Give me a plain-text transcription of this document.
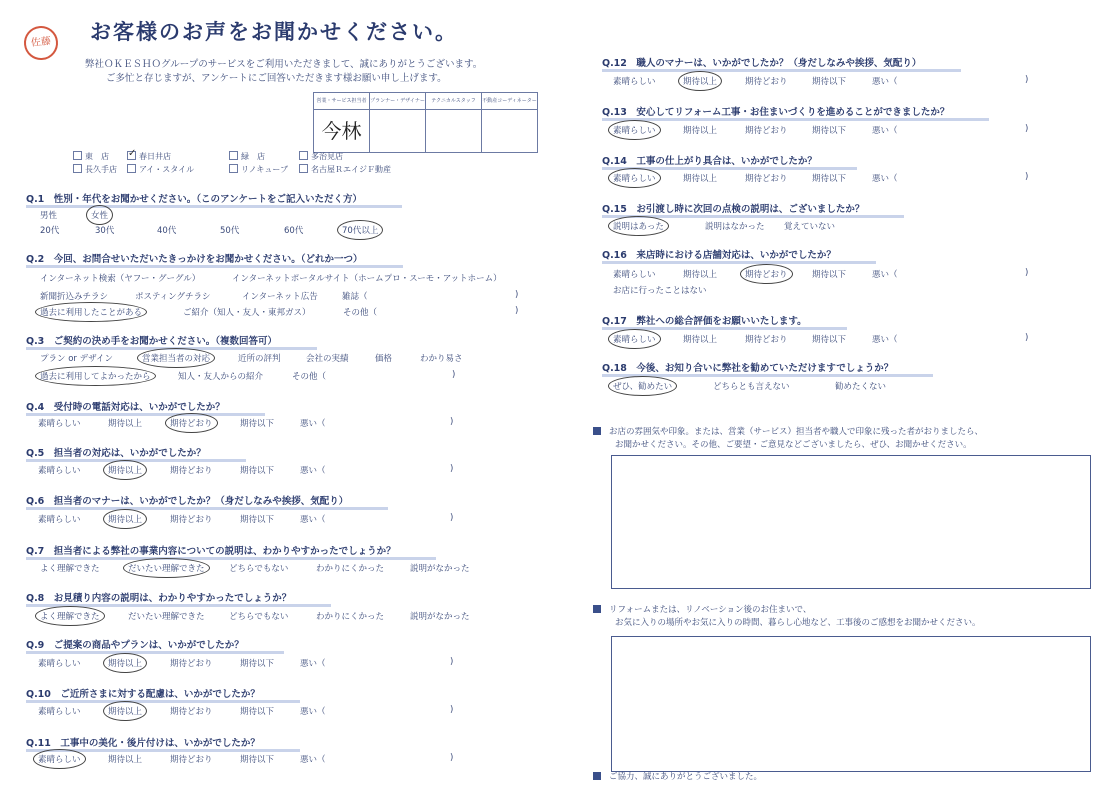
佐藤 お客様のお声をお聞かせください。
弊社ＯＫＥＳＨＯグループのサービスをご利用いただきまして、誠にありがとうございます。
ご多忙と存じますが、アンケートにご回答いただきます様お願い申し上げます。
営業・サービス担当者	プランナー・デザイナー	テクニカルスタッフ	不動産コーディネーター
今林			
東　店 ✓	春日井店	緑　店	多治見店
長久手店	アイ・スタイル	リノキューブ	名古屋ＲエイジＦ動産
Q.1　性別・年代をお聞かせください。（このアンケートをご記入いただく方）
男性	女性
20代	30代	40代	50代	60代	70代以上
Q.2　今回、お問合せいただいたきっかけをお聞かせください。（どれか一つ）
インターネット検索（ヤフー・グーグル）	インターネットポータルサイト（ホームプロ・スーモ・アットホーム）
新聞折込みチラシ	ポスティングチラシ	インターネット広告	雑誌（	)
過去に利用したことがある	ご紹介（知人・友人・東邦ガス）	その他（	)
Q.3　ご契約の決め手をお聞かせください。（複数回答可）
プラン or デザイン	営業担当者の対応	近所の評判	会社の実績	価格	わかり易さ
過去に利用してよかったから	知人・友人からの紹介	その他（	)
Q.4　受付時の電話対応は、いかがでしたか？
素晴らしい	期待以上	期待どおり	期待以下	悪い（	)
Q.5　担当者の対応は、いかがでしたか？
素晴らしい	期待以上	期待どおり	期待以下	悪い（	)
Q.6　担当者のマナーは、いかがでしたか？（身だしなみや挨拶、気配り）
素晴らしい	期待以上	期待どおり	期待以下	悪い（	)
Q.7　担当者による弊社の事業内容についての説明は、わかりやすかったでしょうか？
よく理解できた	だいたい理解できた	どちらでもない	わかりにくかった	説明がなかった
Q.8　お見積り内容の説明は、わかりやすかったでしょうか？
よく理解できた	だいたい理解できた	どちらでもない	わかりにくかった	説明がなかった
Q.9　ご提案の商品やプランは、いかがでしたか？
素晴らしい	期待以上	期待どおり	期待以下	悪い（	)
Q.10　ご近所さまに対する配慮は、いかがでしたか？
素晴らしい	期待以上	期待どおり	期待以下	悪い（	)
Q.11　工事中の美化・後片付けは、いかがでしたか？
素晴らしい	期待以上	期待どおり	期待以下	悪い（	)
Q.12　職人のマナーは、いかがでしたか？（身だしなみや挨拶、気配り）
素晴らしい	期待以上	期待どおり	期待以下	悪い（	)
Q.13　安心してリフォーム工事・お住まいづくりを進めることができましたか？
素晴らしい	期待以上	期待どおり	期待以下	悪い（	)
Q.14　工事の仕上がり具合は、いかがでしたか？
素晴らしい	期待以上	期待どおり	期待以下	悪い（	)
Q.15　お引渡し時に次回の点検の説明は、ございましたか？
説明はあった	説明はなかった 覚えていない
Q.16　来店時における店舗対応は、いかがでしたか？
素晴らしい	期待以上	期待どおり	期待以下	悪い（	)
お店に行ったことはない
Q.17　弊社への総合評価をお願いいたします。
素晴らしい	期待以上	期待どおり	期待以下	悪い（	)
Q.18　今後、お知り合いに弊社を勧めていただけますでしょうか？
ぜひ、勧めたい	どちらとも言えない	勧めたくない
お店の雰囲気や印象。または、営業（サービス）担当者や職人で印象に残った者がおりましたら、
お聞かせください。その他、ご要望・ご意見などございましたら、ぜひ、お聞かせください。
リフォームまたは、リノベーション後のお住まいで、
お気に入りの場所やお気に入りの時間、暮らし心地など、工事後のご感想をお聞かせください。
ご協力、誠にありがとうございました。
